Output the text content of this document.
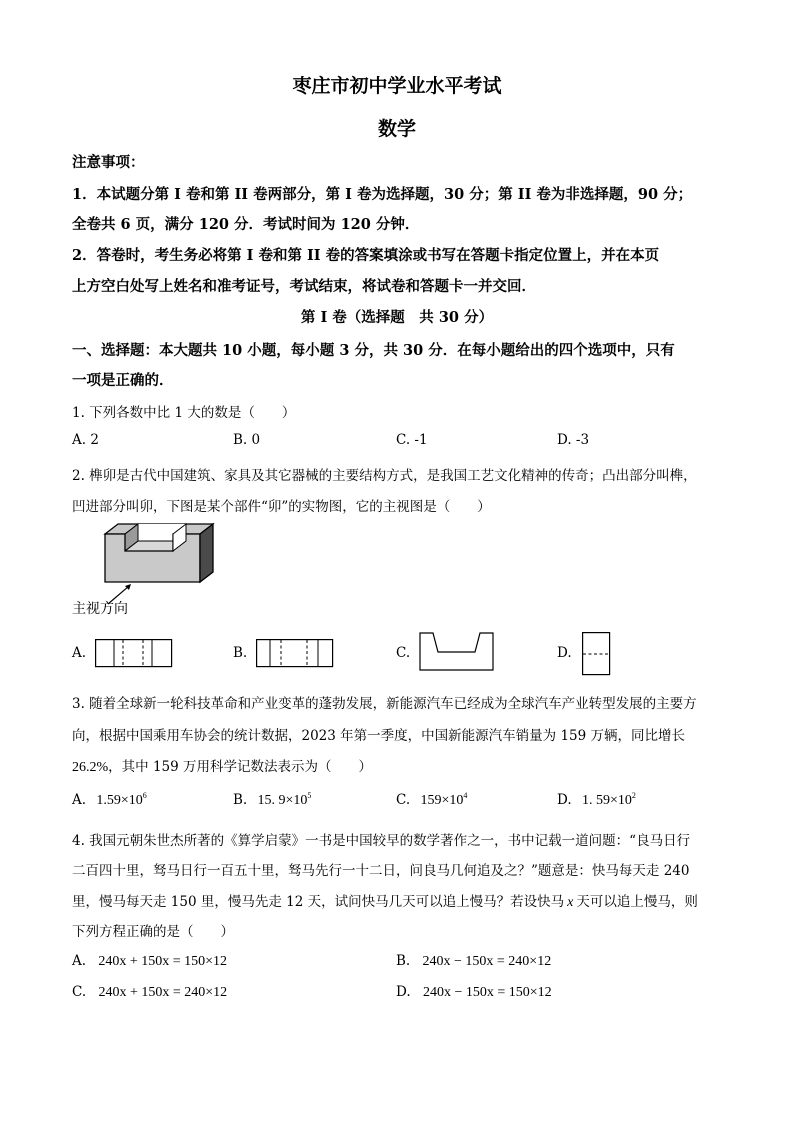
枣庄市初中学业水平考试
数学
注意事项：
1．本试题分第 I 卷和第 II 卷两部分，第 I 卷为选择题，30 分；第 II 卷为非选择题，90 分；
全卷共 6 页，满分 120 分．考试时间为 120 分钟．
2．答卷时，考生务必将第 I 卷和第 II 卷的答案填涂或书写在答题卡指定位置上，并在本页
上方空白处写上姓名和准考证号，考试结束，将试卷和答题卡一并交回．
第 I 卷（选择题　共 30 分）
一、选择题：本大题共 10 小题，每小题 3 分，共 30 分．在每小题给出的四个选项中，只有
一项是正确的．
1. 下列各数中比 1 大的数是（　　）
A. 2	B. 0	C. -1	D. -3
2. 榫卯是古代中国建筑、家具及其它器械的主要结构方式，是我国工艺文化精神的传奇；凸出部分叫榫，
凹进部分叫卯，下图是某个部件“卯”的实物图，它的主视图是（　　）
主视方向
A.	B.	C.	D.
3. 随着全球新一轮科技革命和产业变革的蓬勃发展，新能源汽车已经成为全球汽车产业转型发展的主要方
向，根据中国乘用车协会的统计数据，2023 年第一季度，中国新能源汽车销量为 159 万辆，同比增长
26.2%，其中 159 万用科学记数法表示为（　　）
A. $1.59\times 10^6$	B. 15. $9\times 10^5$	C. $159\times 10^4$	D. 1. $59\times 10^2$
4. 我国元朝朱世杰所著的《算学启蒙》一书是中国较早的数学著作之一，书中记载一道问题：“良马日行
二百四十里，驽马日行一百五十里，驽马先行一十二日，问良马几何追及之？”题意是：快马每天走 240
里，慢马每天走 150 里，慢马先走 12 天，试问快马几天可以追上慢马？若设快马 x 天可以追上慢马，则
下列方程正确的是（　　）
A. 240x + 150x = 150×12	B. 240x − 150x = 240×12
C. 240x + 150x = 240×12	D. 240x − 150x = 150×12
